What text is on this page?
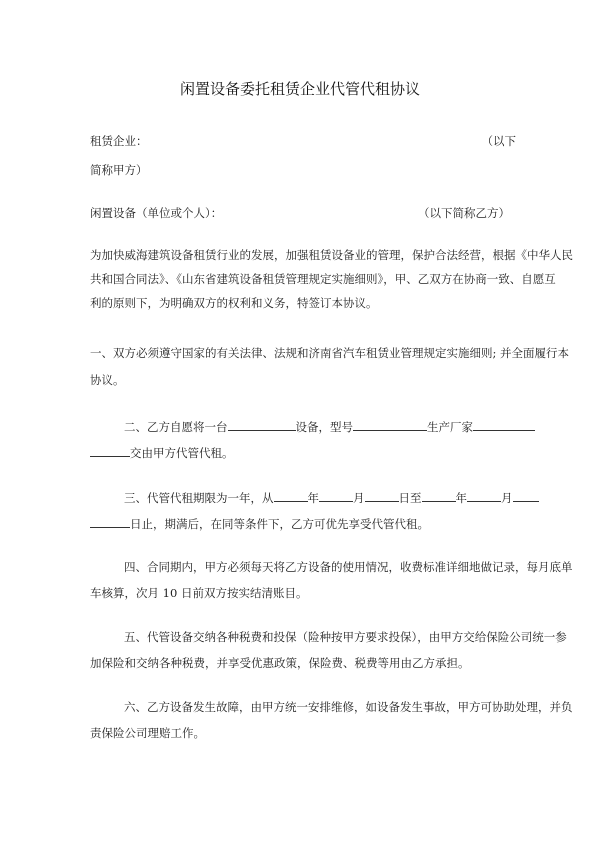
闲置设备委托租赁企业代管代租协议
租赁企业：	（以下
简称甲方）
闲置设备（单位或个人）：	（以下简称乙方）
为加快威海建筑设备租赁行业的发展，加强租赁设备业的管理，保护合法经营，根据《中华人民
共和国合同法》、《山东省建筑设备租赁管理规定实施细则》，甲、乙双方在协商一致、自愿互
利的原则下，为明确双方的权利和义务，特签订本协议。
一、双方必须遵守国家的有关法律、法规和济南省汽车租赁业管理规定实施细则; 并全面履行本
协议。
二、乙方自愿将一台	设备，型号	生产厂家
交由甲方代管代租。
三、代管代租期限为一年，从	年	月	日至	年	月
日止，期满后，在同等条件下，乙方可优先享受代管代租。
四、合同期内，甲方必须每天将乙方设备的使用情况，收费标准详细地做记录，每月底单
车核算，次月 10 日前双方按实结清账目。
五、代管设备交纳各种税费和投保（险种按甲方要求投保），由甲方交给保险公司统一参
加保险和交纳各种税费，并享受优惠政策，保险费、税费等用由乙方承担。
六、乙方设备发生故障，由甲方统一安排维修，如设备发生事故，甲方可协助处理，并负
责保险公司理赔工作。
